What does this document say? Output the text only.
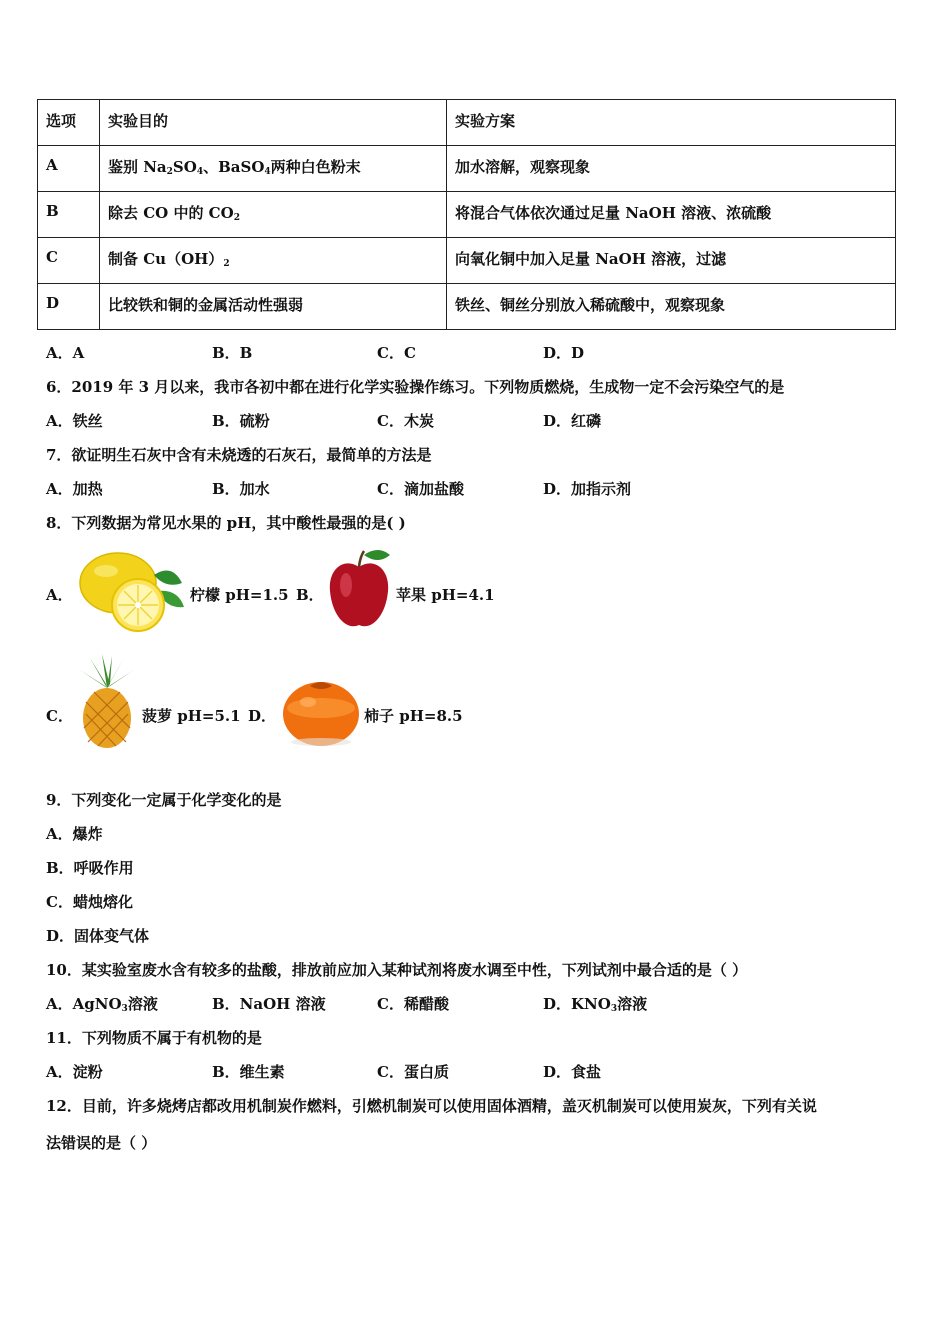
选项	实验目的	实验方案
A	鉴别 $Na_2SO_4$、BaSO$_4$两种白色粉末	加水溶解，观察现象
B	除去 CO 中的 $CO_2$	将混合气体依次通过足量 NaOH 溶液、浓硫酸
C	制备 $Cu(OH)_2$	向氧化铜中加入足量 NaOH 溶液，过滤
D	比较铁和铜的金属活动性强弱	铁丝、铜丝分别放入稀硫酸中，观察现象
A．A	B．B	C．C	D．D
6．2019 年 3 月以来，我市各初中都在进行化学实验操作练习。下列物质燃烧，生成物一定不会污染空气的是
A．铁丝	B．硫粉	C．木炭	D．红磷
7．欲证明生石灰中含有未烧透的石灰石，最简单的方法是
A．加热	B．加水	C．滴加盐酸	D．加指示剂
8．下列数据为常见水果的 pH，其中酸性最强的是( )
A．	柠檬 pH=1.5 B．	苹果 pH=4.1
C．	菠萝 pH=5.1 D．	柿子 pH=8.5
9．下列变化一定属于化学变化的是
A．爆炸
B．呼吸作用
C．蜡烛熔化
D．固体变气体
10．某实验室废水含有较多的盐酸，排放前应加入某种试剂将废水调至中性，下列试剂中最合适的是（ ）
A．AgNO$_3$溶液	B．NaOH 溶液	C．稀醋酸	D．$KNO_3$溶液
11．下列物质不属于有机物的是
A．淀粉	B．维生素	C．蛋白质	D．食盐
12．目前，许多烧烤店都改用机制炭作燃料，引燃机制炭可以使用固体酒精，盖灭机制炭可以使用炭灰，下列有关说
法错误的是（ ）
